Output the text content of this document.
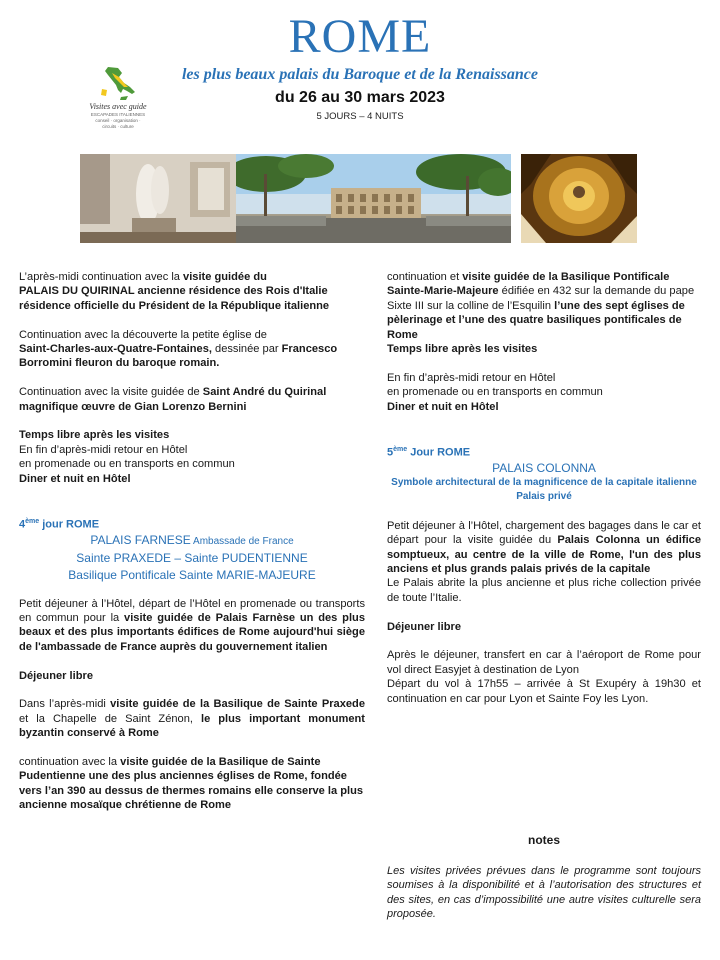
ROME
les plus beaux palais du Baroque et de la Renaissance
du 26 au 30 mars 2023
5 JOURS – 4 NUITS
Visites avec guide
ESCAPADES ITALIENNES
conseil · organisation · circuits · culture

L’après-midi continuation avec la visite guidée du
PALAIS DU QUIRINAL ancienne résidence des Rois d'Italie résidence officielle du Président de la République italienne

Continuation avec la découverte la petite église de
Saint-Charles-aux-Quatre-Fontaines, dessinée par Francesco Borromini fleuron du baroque romain.

Continuation avec la visite guidée de Saint André du Quirinal magnifique œuvre de Gian Lorenzo Bernini

Temps libre après les visites
En fin d’après-midi retour en Hôtel
en promenade ou en transports en commun
Diner et nuit en Hôtel

4ème jour ROME

PALAIS FARNESE Ambassade de France

Sainte PRAXEDE – Sainte PUDENTIENNE

Basilique Pontificale Sainte MARIE-MAJEURE

Petit déjeuner à l’Hôtel, départ de l’Hôtel en promenade ou transports en commun pour la visite guidée de Palais Farnèse un des plus beaux et des plus importants édifices de Rome aujourd'hui siège de l'ambassade de France auprès du gouvernement italien

Déjeuner libre

Dans l’après-midi visite guidée de la Basilique de Sainte Praxede et la Chapelle de Saint Zénon, le plus important monument byzantin conservé à Rome

continuation avec la visite guidée de la Basilique de Sainte Pudentienne une des plus anciennes églises de Rome, fondée vers l’an 390 au dessus de thermes romains elle conserve la plus ancienne mosaïque chrétienne de Rome

continuation et visite guidée de la Basilique Pontificale Sainte-Marie-Majeure édifiée en 432 sur la demande du pape Sixte III sur la colline de l’Esquilin l’une des sept églises de pèlerinage et l’une des quatre basiliques pontificales de Rome
Temps libre après les visites

En fin d’après-midi retour en Hôtel
en promenade ou en transports en commun
Diner et nuit en Hôtel

5ème Jour ROME

PALAIS COLONNA

Symbole architectural de la magnificence de la capitale italienne

Palais privé

Petit déjeuner à l’Hôtel, chargement des bagages dans le car et départ pour la visite guidée du Palais Colonna un édifice somptueux, au centre de la ville de Rome, l'un des plus anciens et plus grands palais privés de la capitale
Le Palais abrite la plus ancienne et plus riche collection privée de toute l’Italie.

Déjeuner libre

Après le déjeuner, transfert en car à l’aéroport de Rome pour vol direct Easyjet à destination de Lyon
Départ du vol à 17h55 – arrivée à St Exupéry à 19h30 et continuation en car pour Lyon et Sainte Foy les Lyon.

notes
Les visites privées prévues dans le programme sont toujours soumises à la disponibilité et à l’autorisation des structures et des sites, en cas d’impossibilité une autre visites culturelle sera proposée.
